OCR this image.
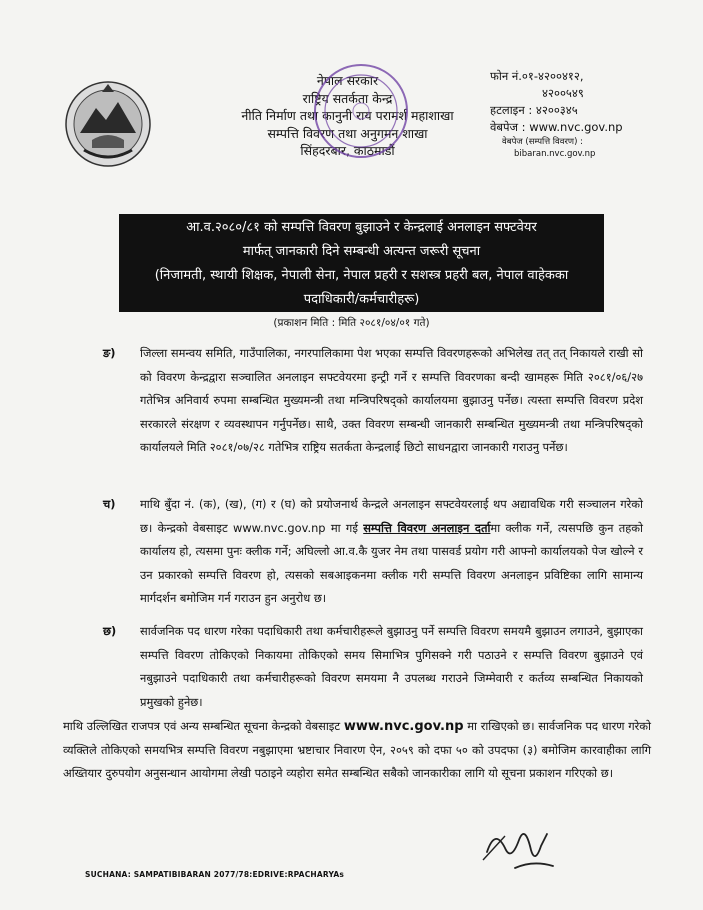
नेपाल सरकार
राष्ट्रिय सतर्कता केन्द्र
नीति निर्माण तथा कानुनी राय परामर्श महाशाखा
सम्पत्ति विवरण तथा अनुगमन शाखा
सिंहदरबार, काठमाडौं
फोन नं.०१-४२००४१२,
४२००५४९
हटलाइन : ४२००३४५
वेबपेज : www.nvc.gov.np
वेबपेज (सम्पत्ति विवरण) :
bibaran.nvc.gov.np
आ.व.२०८०/८१ को सम्पत्ति विवरण बुझाउने र केन्द्रलाई अनलाइन सफ्टवेयर
मार्फत् जानकारी दिने सम्बन्धी अत्यन्त जरूरी सूचना
(निजामती, स्थायी शिक्षक, नेपाली सेना, नेपाल प्रहरी र सशस्त्र प्रहरी बल, नेपाल वाहेकका
पदाधिकारी/कर्मचारीहरू)
(प्रकाशन मिति : मिति २०८१/०४/०१ गते)
ङ) जिल्ला समन्वय समिति, गाउँपालिका, नगरपालिकामा पेश भएका सम्पत्ति विवरणहरूको अभिलेख तत् तत् निकायले राखी सो को विवरण केन्द्रद्वारा सञ्चालित अनलाइन सफ्टवेयरमा इन्ट्री गर्ने र सम्पत्ति विवरणका बन्दी खामहरू मिति २०८१/०६/२७ गतेभित्र अनिवार्य रुपमा सम्बन्धित मुख्यमन्त्री तथा मन्त्रिपरिषद्को कार्यालयमा बुझाउनु पर्नेछ। त्यस्ता सम्पत्ति विवरण प्रदेश सरकारले संरक्षण र व्यवस्थापन गर्नुपर्नेछ। साथै, उक्त विवरण सम्बन्धी जानकारी सम्बन्धित मुख्यमन्त्री तथा मन्त्रिपरिषद्को कार्यालयले मिति २०८१/०७/२८ गतेभित्र राष्ट्रिय सतर्कता केन्द्रलाई छिटो साधनद्वारा जानकारी गराउनु पर्नेछ।
च) माथि बुँदा नं. (क), (ख), (ग) र (घ) को प्रयोजनार्थ केन्द्रले अनलाइन सफ्टवेयरलाई थप अद्यावधिक गरी सञ्चालन गरेको छ। केन्द्रको वेबसाइट www.nvc.gov.np मा गई सम्पत्ति विवरण अनलाइन दर्तामा क्लीक गर्ने, त्यसपछि कुन तहको कार्यालय हो, त्यसमा पुनः क्लीक गर्ने; अघिल्लो आ.व.कै युजर नेम तथा पासवर्ड प्रयोग गरी आफ्नो कार्यालयको पेज खोल्ने र उन प्रकारको सम्पत्ति विवरण हो, त्यसको सबआइकनमा क्लीक गरी सम्पत्ति विवरण अनलाइन प्रविष्टिका लागि सामान्य मार्गदर्शन बमोजिम गर्न गराउन हुन अनुरोध छ।
छ) सार्वजनिक पद धारण गरेका पदाधिकारी तथा कर्मचारीहरूले बुझाउनु पर्ने सम्पत्ति विवरण समयमै बुझाउन लगाउने, बुझाएका सम्पत्ति विवरण तोकिएको निकायमा तोकिएको समय सिमाभित्र पुगिसक्ने गरी पठाउने र सम्पत्ति विवरण बुझाउने एवं नबुझाउने पदाधिकारी तथा कर्मचारीहरूको विवरण समयमा नै उपलब्ध गराउने जिम्मेवारी र कर्तव्य सम्बन्धित निकायको प्रमुखको हुनेछ।
माथि उल्लिखित राजपत्र एवं अन्य सम्बन्धित सूचना केन्द्रको वेबसाइट www.nvc.gov.np मा राखिएको छ। सार्वजनिक पद धारण गरेको व्यक्तिले तोकिएको समयभित्र सम्पत्ति विवरण नबुझाएमा भ्रष्टाचार निवारण ऐन, २०५९ को दफा ५० को उपदफा (३) बमोजिम कारवाहीका लागि अख्तियार दुरुपयोग अनुसन्धान आयोगमा लेखी पठाइने व्यहोरा समेत सम्बन्धित सबैको जानकारीका लागि यो सूचना प्रकाशन गरिएको छ।
SUCHANA: SAMPATIBIBARAN 2077/78:EDRIVE:RPACHARYAs
